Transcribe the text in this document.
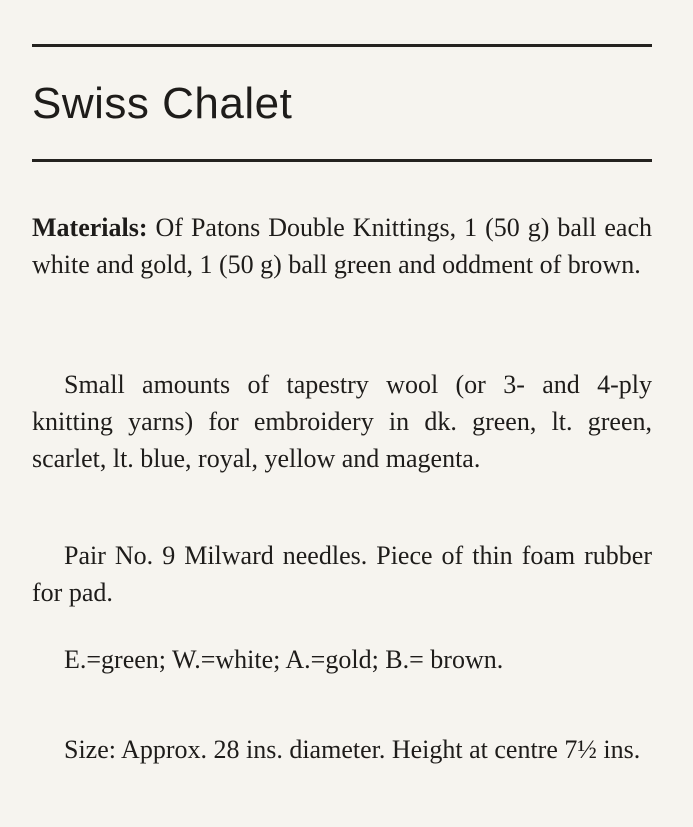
Swiss Chalet

Materials: Of Patons Double Knittings, 1 (50 g) ball each white and gold, 1 (50 g) ball green and oddment of brown.

Small amounts of tapestry wool (or 3- and 4-ply knitting yarns) for embroidery in dk. green, lt. green, scarlet, lt. blue, royal, yellow and magenta.

Pair No. 9 Milward needles. Piece of thin foam rubber for pad.

E.=green; W.=white; A.=gold; B.= brown.

Size: Approx. 28 ins. diameter. Height at centre 7½ ins.
